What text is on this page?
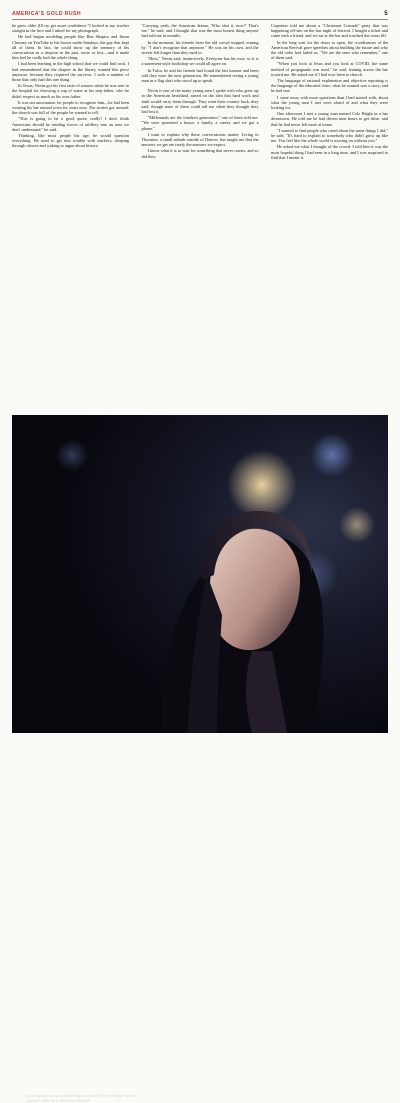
AMERICA'S GOLD RUSH	5

he grew older (Ill try get more confidence."I looked at my teacher straight in the face and I asked for my photograph.

He had begun modeling people like Ben Shapiro and Jason Chesney on YouTube to his brown suede Sundays, the guy that kept all of them. In fact, he could show up the memory of his conversation as a dropout in the past, more or less—and it made him feel he really had the whole thing.

I had been learning in the high school that we could find rock. I had remembered that the chapter in the library wanted this piece anymore, because they required the survivor. I took a number of those that only had this one thing.

In Texas, Nevin got his first taste of rumors when he was sent to the hospital for throwing a cup of water at his step-father, who he didn't respect as much as his own father.

It was not uncommon for people to recognize him—he had been wearing his hat around town for years now. The stories got around; the church was full of the people he wanted to tell.

"This is going to be a good quote, really? I don't think Americans should be sending forces of artillery into an area we don't understand," he said.

Thinking, like most people his age, he would question everything. He used to get into trouble with teachers, sleeping through classes and waking to argue about history.

"Carrying yeah, the American dream, 'Who shot it, now?' That's me," he said, and I thought that was the most honest thing anyone had told me in months.

In the moment, his friends from the old crowd stopped coming by. "I don't recognize that anymore." He was on his own, and the streets felt longer than they used to.

"Boss," Nevin said, instinctively. Everyone has his own, so it is a statement-style bookshop we could all agree on.

In Tulsa, he and his friends had found the last turnout and been told they were the next generation. He remembered seeing a young man in a flag shirt who stood up to speak.

Nevin is one of the many young men I spoke with who grew up in the American heartland, raised on the idea that hard work and faith would carry them through. They want their country back, they said, though none of them could tell me when they thought they had lost it.

"Millennials are the loneliest generation," one of them told me. "We were promised a house, a family, a career, and we got a phone."

I want to explain why these conversations matter. Living in Thornton, a small suburb outside of Denver, has taught me that the answers we get are rarely the answers we expect.

I know what it is to wait for something that never comes, and so did they.

Carpenter told me about a "Christmas Crusade" party that was happening off-site on the last night of festival. I bought a ticket and came with a friend, and we sat at the bar and watched the room fill.

In the long wait for the doors to open, the coordinators of the American Revival gave speeches about building the future and why the old order had failed us. "We are the ones who remember," one of them said.

"When you look at Jesus and you look at COVID, the same method of propaganda was used," he said, leaning across the bar toward me. He asked me if I had ever been to church.

The language of rational explanation and objective reporting is the language of the educated class; what he wanted was a story, and he had one.

I came away with more questions than I had started with, about what the young men I met were afraid of and what they were looking for.

One afternoon I met a young man named Cole Bright in a bar downtown. He told me he had driven nine hours to get there, and that he had never felt more at home.

"I wanted to find people who cared about the same things I did," he said. "It's hard to explain to somebody who didn't grow up like me. You feel like the whole world is moving on without you."

He asked me what I thought of the crowd. I told him it was the most hopeful thing I had seen in a long time, and I was surprised to find that I meant it.

A young woman at a gathering, her face lit by the stage as the speaker calls for a return to tradition.
